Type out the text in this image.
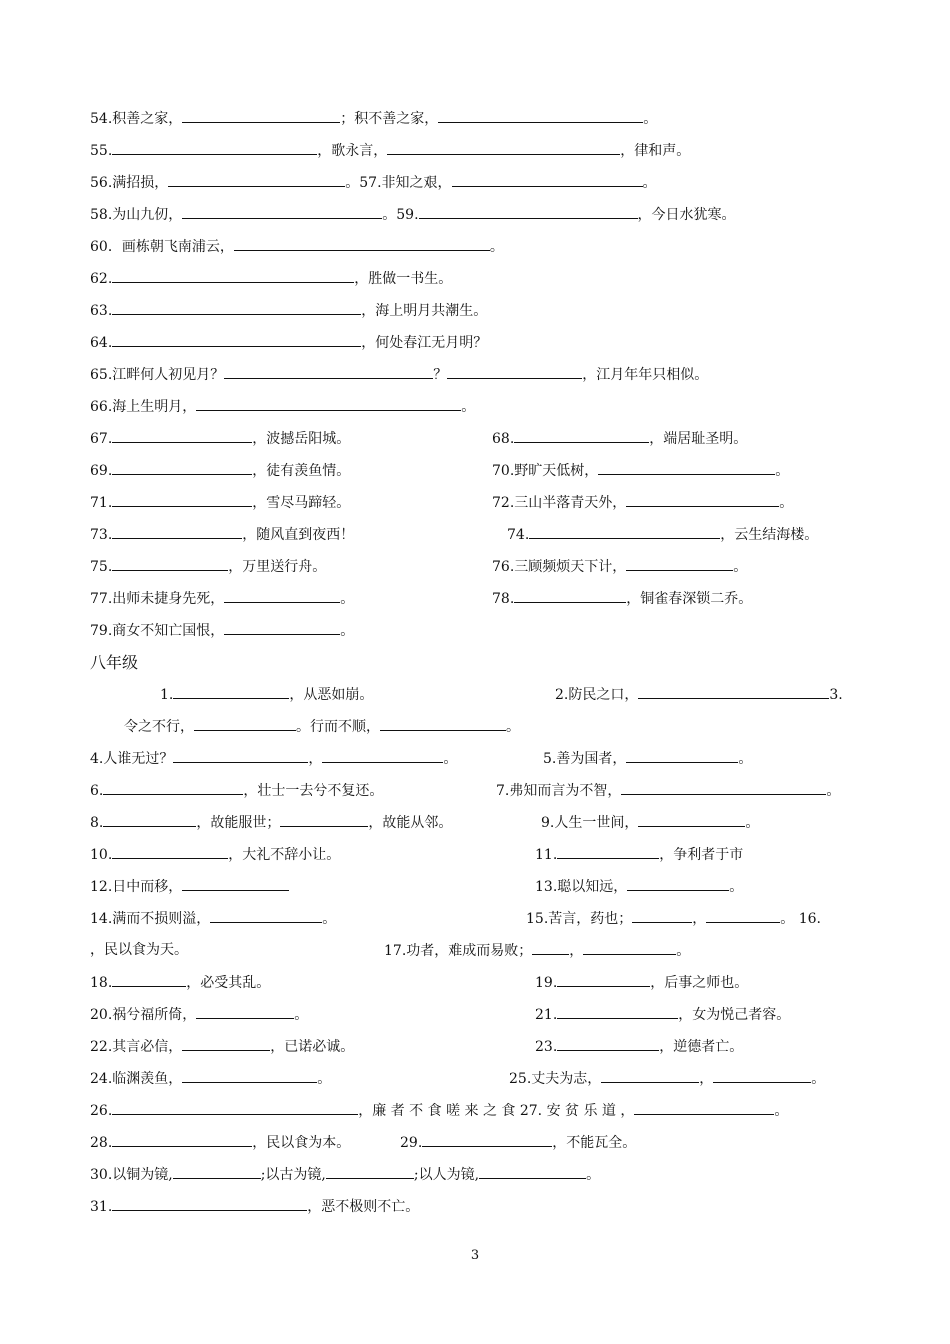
54.积善之家，	；积不善之家，	。
55.	，歌永言，	，律和声。
56.满招损，	。57.非知之艰，	。
58.为山九仞，	。59.	，今日水犹寒。
60．画栋朝飞南浦云，	。
62.	，胜做一书生。
63.	，海上明月共潮生。
64.	，何处春江无月明？
65.江畔何人初见月？	？	，江月年年只相似。
66.海上生明月，	。
67.	，波撼岳阳城。	68.	，端居耻圣明。
69.	，徒有羡鱼情。	70.野旷天低树，	。
71.	，雪尽马蹄轻。	72.三山半落青天外，	。
73.	，随风直到夜西！	74.	，云生结海楼。
75.	，万里送行舟。	76.三顾频烦天下计，	。
77.出师未捷身先死，	。	78.	，铜雀春深锁二乔。
79.商女不知亡国恨，	。
八年级
1.	，从恶如崩。	2.防民之口，	3.
令之不行，	。行而不顺，	。
4.人谁无过？	，	。	5.善为国者，	。
6.	，壮士一去兮不复还。	7.弗知而言为不智，	。
8.	，故能服世；	，故能从邻。	9.人生一世间，	。
10.	，大礼不辞小让。	11.	，争利者于市
12.日中而移，	13.聪以知远，	。
14.满而不损则溢，	。	15.苦言，药也；	，	。 16.
，民以食为天。	17.功者，难成而易败；	，	。
18.	，必受其乱。	19.	，后事之师也。
20.祸兮福所倚，	。	21.	，女为悦己者容。
22.其言必信，	，已诺必诚。	23.	，逆德者亡。
24.临渊羡鱼，	。	25.丈夫为志，	，	。
26.	，廉 者 不 食 嗟 来 之 食 27. 安 贫 乐 道 ，	。
28.	，民以食为本。	29.	，不能瓦全。
30.以铜为镜,	;以古为镜,	;以人为镜,	。
31.	，恶不极则不亡。
3
